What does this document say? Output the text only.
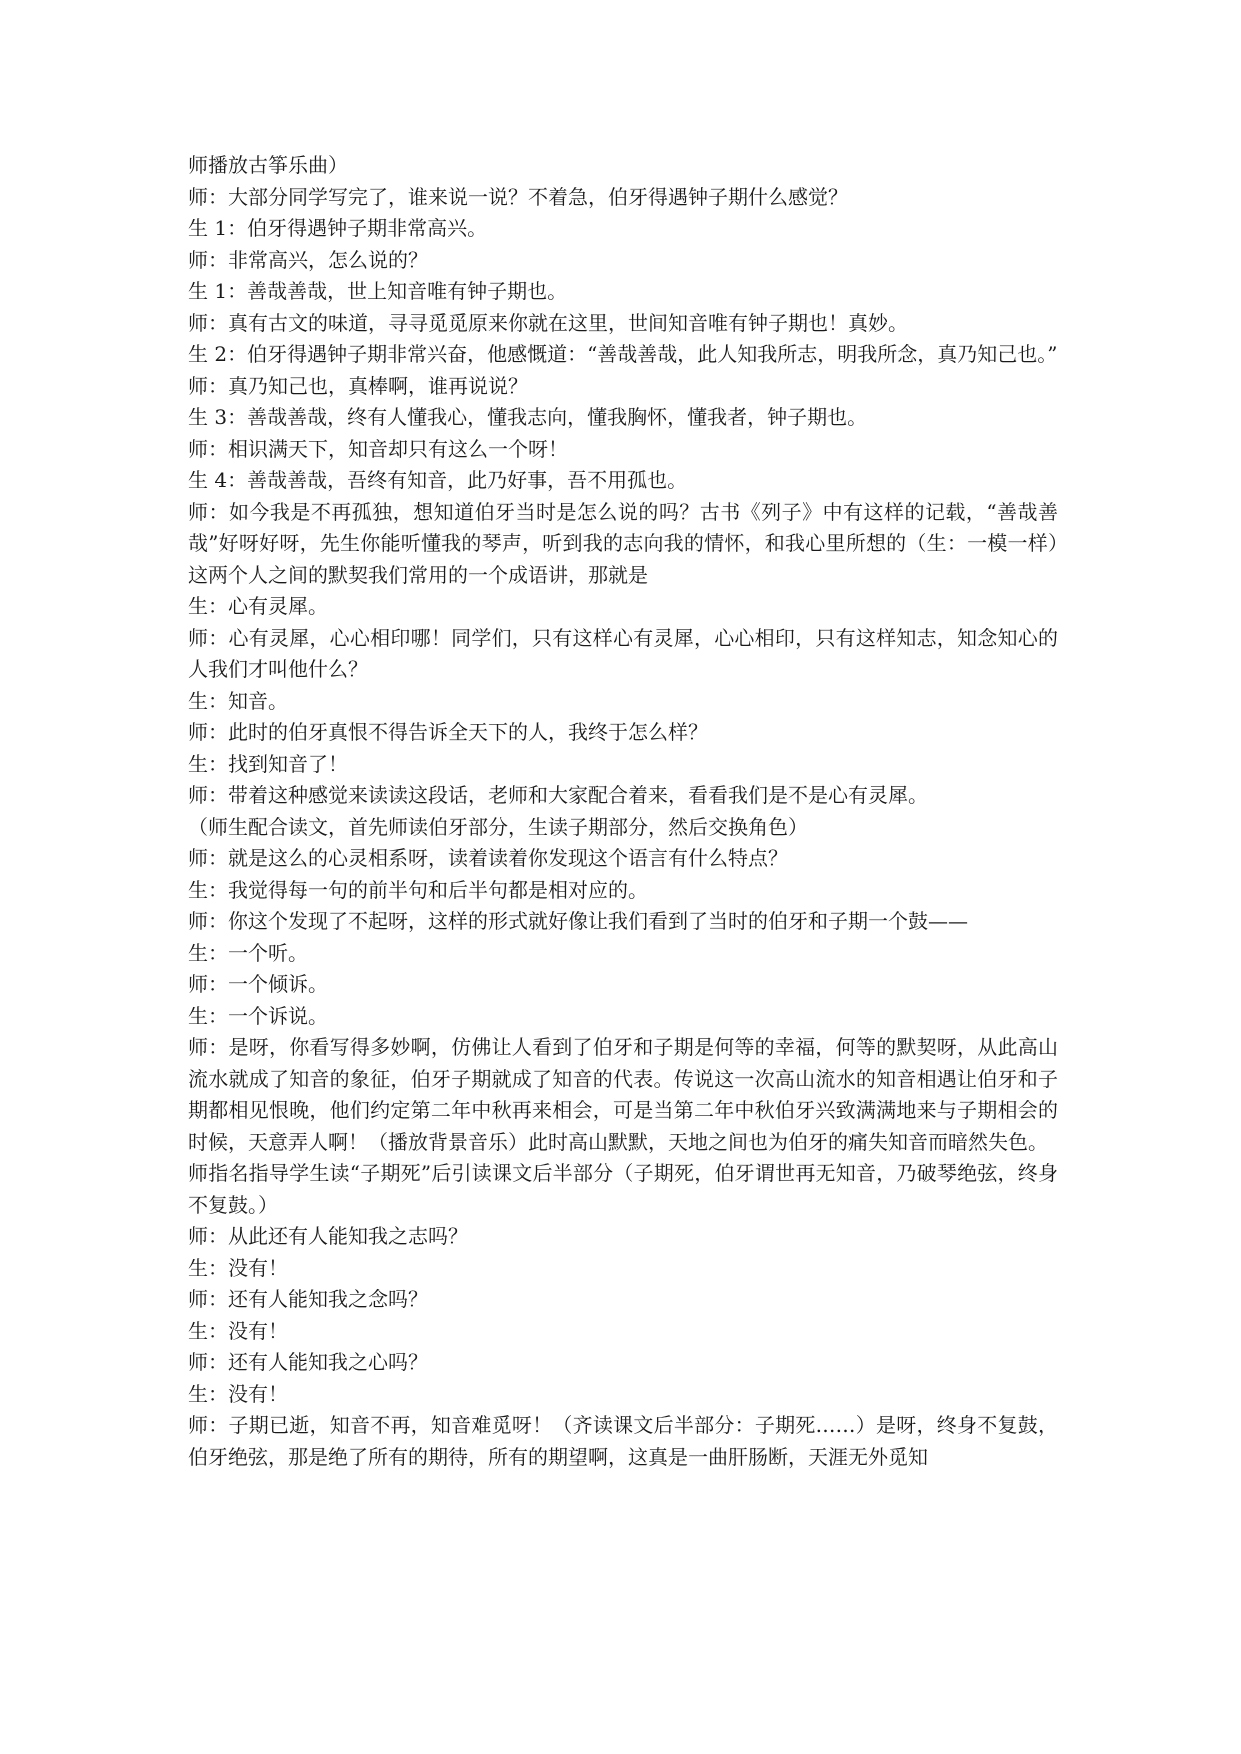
师播放古筝乐曲）

师：大部分同学写完了，谁来说一说？不着急，伯牙得遇钟子期什么感觉？

生 1：伯牙得遇钟子期非常高兴。

师：非常高兴，怎么说的？

生 1：善哉善哉，世上知音唯有钟子期也。

师：真有古文的味道，寻寻觅觅原来你就在这里，世间知音唯有钟子期也！真妙。

生 2：伯牙得遇钟子期非常兴奋，他感慨道：“善哉善哉，此人知我所志，明我所念，真乃知己也。”

师：真乃知己也，真棒啊，谁再说说？

生 3：善哉善哉，终有人懂我心，懂我志向，懂我胸怀，懂我者，钟子期也。

师：相识满天下，知音却只有这么一个呀！

生 4：善哉善哉，吾终有知音，此乃好事，吾不用孤也。

师：如今我是不再孤独，想知道伯牙当时是怎么说的吗？古书《列子》中有这样的记载，“善哉善哉”好呀好呀，先生你能听懂我的琴声，听到我的志向我的情怀，和我心里所想的（生：一模一样）这两个人之间的默契我们常用的一个成语讲，那就是

生：心有灵犀。

师：心有灵犀，心心相印哪！同学们，只有这样心有灵犀，心心相印，只有这样知志，知念知心的人我们才叫他什么？

生：知音。

师：此时的伯牙真恨不得告诉全天下的人，我终于怎么样？

生：找到知音了！

师：带着这种感觉来读读这段话，老师和大家配合着来，看看我们是不是心有灵犀。

（师生配合读文，首先师读伯牙部分，生读子期部分，然后交换角色）

师：就是这么的心灵相系呀，读着读着你发现这个语言有什么特点？

生：我觉得每一句的前半句和后半句都是相对应的。

师：你这个发现了不起呀，这样的形式就好像让我们看到了当时的伯牙和子期一个鼓——

生：一个听。

师：一个倾诉。

生：一个诉说。

师：是呀，你看写得多妙啊，仿佛让人看到了伯牙和子期是何等的幸福，何等的默契呀，从此高山流水就成了知音的象征，伯牙子期就成了知音的代表。传说这一次高山流水的知音相遇让伯牙和子期都相见恨晚，他们约定第二年中秋再来相会，可是当第二年中秋伯牙兴致满满地来与子期相会的时候，天意弄人啊！（播放背景音乐）此时高山默默，天地之间也为伯牙的痛失知音而暗然失色。

师指名指导学生读“子期死”后引读课文后半部分（子期死，伯牙谓世再无知音，乃破琴绝弦，终身不复鼓。）

师：从此还有人能知我之志吗？

生：没有！

师：还有人能知我之念吗？

生：没有！

师：还有人能知我之心吗？

生：没有！

师：子期已逝，知音不再，知音难觅呀！（齐读课文后半部分：子期死……）是呀，终身不复鼓，伯牙绝弦，那是绝了所有的期待，所有的期望啊，这真是一曲肝肠断，天涯无外觅知
